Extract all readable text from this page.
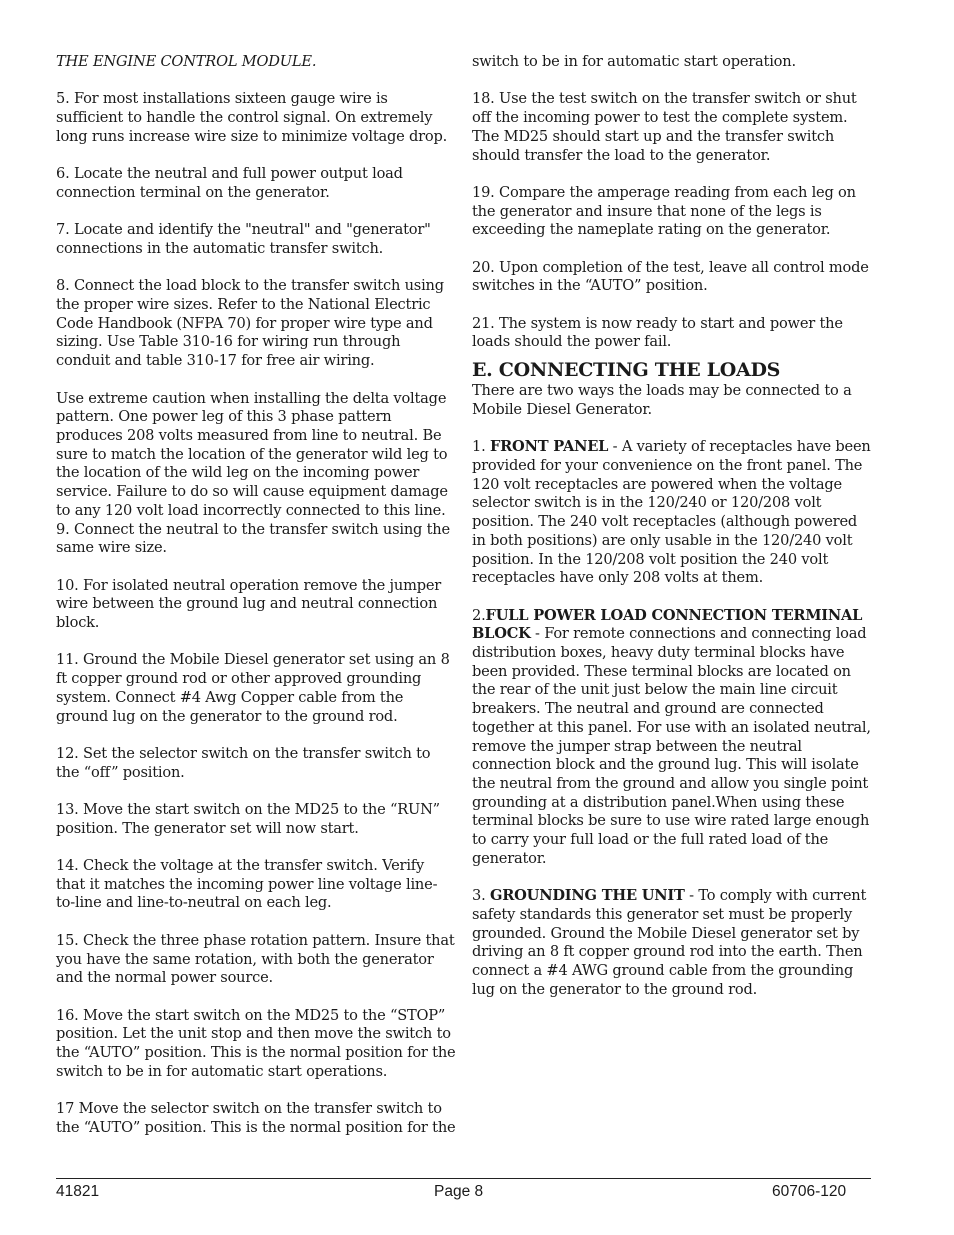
THE ENGINE CONTROL MODULE.

5. For most installations sixteen gauge wire is sufficient to handle the control signal. On extremely long runs increase wire size to minimize voltage drop.

6. Locate the neutral and full power output load connection terminal on the generator.

7. Locate and identify the "neutral" and "generator" connections in the automatic transfer switch.

8. Connect the load block to the transfer switch using the proper wire sizes. Refer to the National Electric Code Handbook (NFPA 70) for proper wire type and sizing. Use Table 310-16 for wiring run through conduit and table 310-17 for free air wiring.

Use extreme caution when installing the delta voltage pattern. One power leg of this 3 phase pattern produces 208 volts measured from line to neutral. Be sure to match the location of the generator wild leg to the location of the wild leg on the incoming power service. Failure to do so will cause equipment damage to any 120 volt load incorrectly connected to this line.

9. Connect the neutral to the transfer switch using the same wire size.

10. For isolated neutral operation remove the jumper wire between the ground lug and neutral connection block.

11. Ground the Mobile Diesel generator set using an 8 ft copper ground rod or other approved grounding system. Connect #4 Awg Copper cable from the ground lug on the generator to the ground rod.

12. Set the selector switch on the transfer switch to the “off” position.

13. Move the start switch on the MD25 to the “RUN” position. The generator set will now start.

14. Check the voltage at the transfer switch. Verify that it matches the incoming power line voltage line-to-line and line-to-neutral on each leg.

15. Check the three phase rotation pattern. Insure that you have the same rotation, with both the generator and the normal power source.

16. Move the start switch on the MD25 to the “STOP” position. Let the unit stop and then move the switch to the “AUTO” position. This is the normal position for the switch to be in for automatic start operations.

17 Move the selector switch on the transfer switch to the “AUTO” position. This is the normal position for the

switch to be in for automatic start operation.

18. Use the test switch on the transfer switch or shut off the incoming power to test the complete system. The MD25 should start up and the transfer switch should transfer the load to the generator.

19. Compare the amperage reading from each leg on the generator and insure that none of the legs is exceeding the nameplate rating on the generator.

20. Upon completion of the test, leave all control mode switches in the “AUTO” position.

21. The system is now ready to start and power the loads should the power fail.

E. CONNECTING THE LOADS

There are two ways the loads may be connected to a Mobile Diesel Generator.

1. FRONT PANEL - A variety of receptacles have been provided for your convenience on the front panel. The 120 volt receptacles are powered when the voltage selector switch is in the 120/240 or 120/208 volt position. The 240 volt receptacles (although powered in both positions) are only usable in the 120/240 volt position. In the 120/208 volt position the 240 volt receptacles have only 208 volts at them.

2.FULL POWER LOAD CONNECTION TERMINAL BLOCK - For remote connections and connecting load distribution boxes, heavy duty terminal blocks have been provided. These terminal blocks are located on the rear of the unit just below the main line circuit breakers. The neutral and ground are connected together at this panel. For use with an isolated neutral, remove the jumper strap between the neutral connection block and the ground lug. This will isolate the neutral from the ground and allow you single point grounding at a distribution panel.When using these terminal blocks be sure to use wire rated large enough to carry your full load or the full rated load of the generator.

3. GROUNDING THE UNIT - To comply with current safety standards this generator set must be properly grounded. Ground the Mobile Diesel generator set by driving an 8 ft copper ground rod into the earth. Then connect a #4 AWG ground cable from the grounding lug on the generator to the ground rod.

41821	Page 8	60706-120
